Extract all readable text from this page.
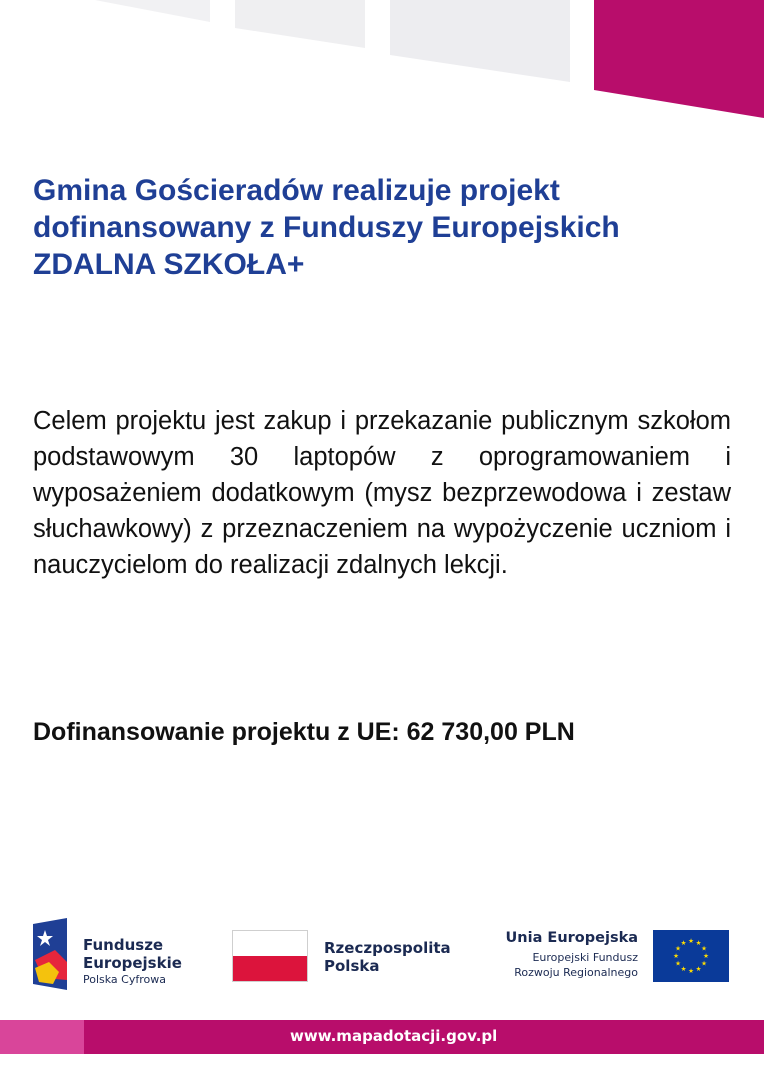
Gmina Gościeradów realizuje projekt
dofinansowany z Funduszy Europejskich
ZDALNA SZKOŁA+
Celem projektu jest zakup i przekazanie publicznym szkołom podstawowym 30 laptopów z oprogramowaniem i wyposażeniem dodatkowym (mysz bezprzewodowa i zestaw słuchawkowy) z przeznaczeniem na wypożyczenie uczniom i nauczycielom do realizacji zdalnych lekcji.
Dofinansowanie projektu z UE: 62 730,00 PLN
Fundusze
Europejskie
Polska Cyfrowa
Rzeczpospolita
Polska
Unia Europejska
Europejski Fundusz
Rozwoju Regionalnego
★ ★
★
★
★
★
★
★
★
★
★
★
www.mapadotacji.gov.pl
